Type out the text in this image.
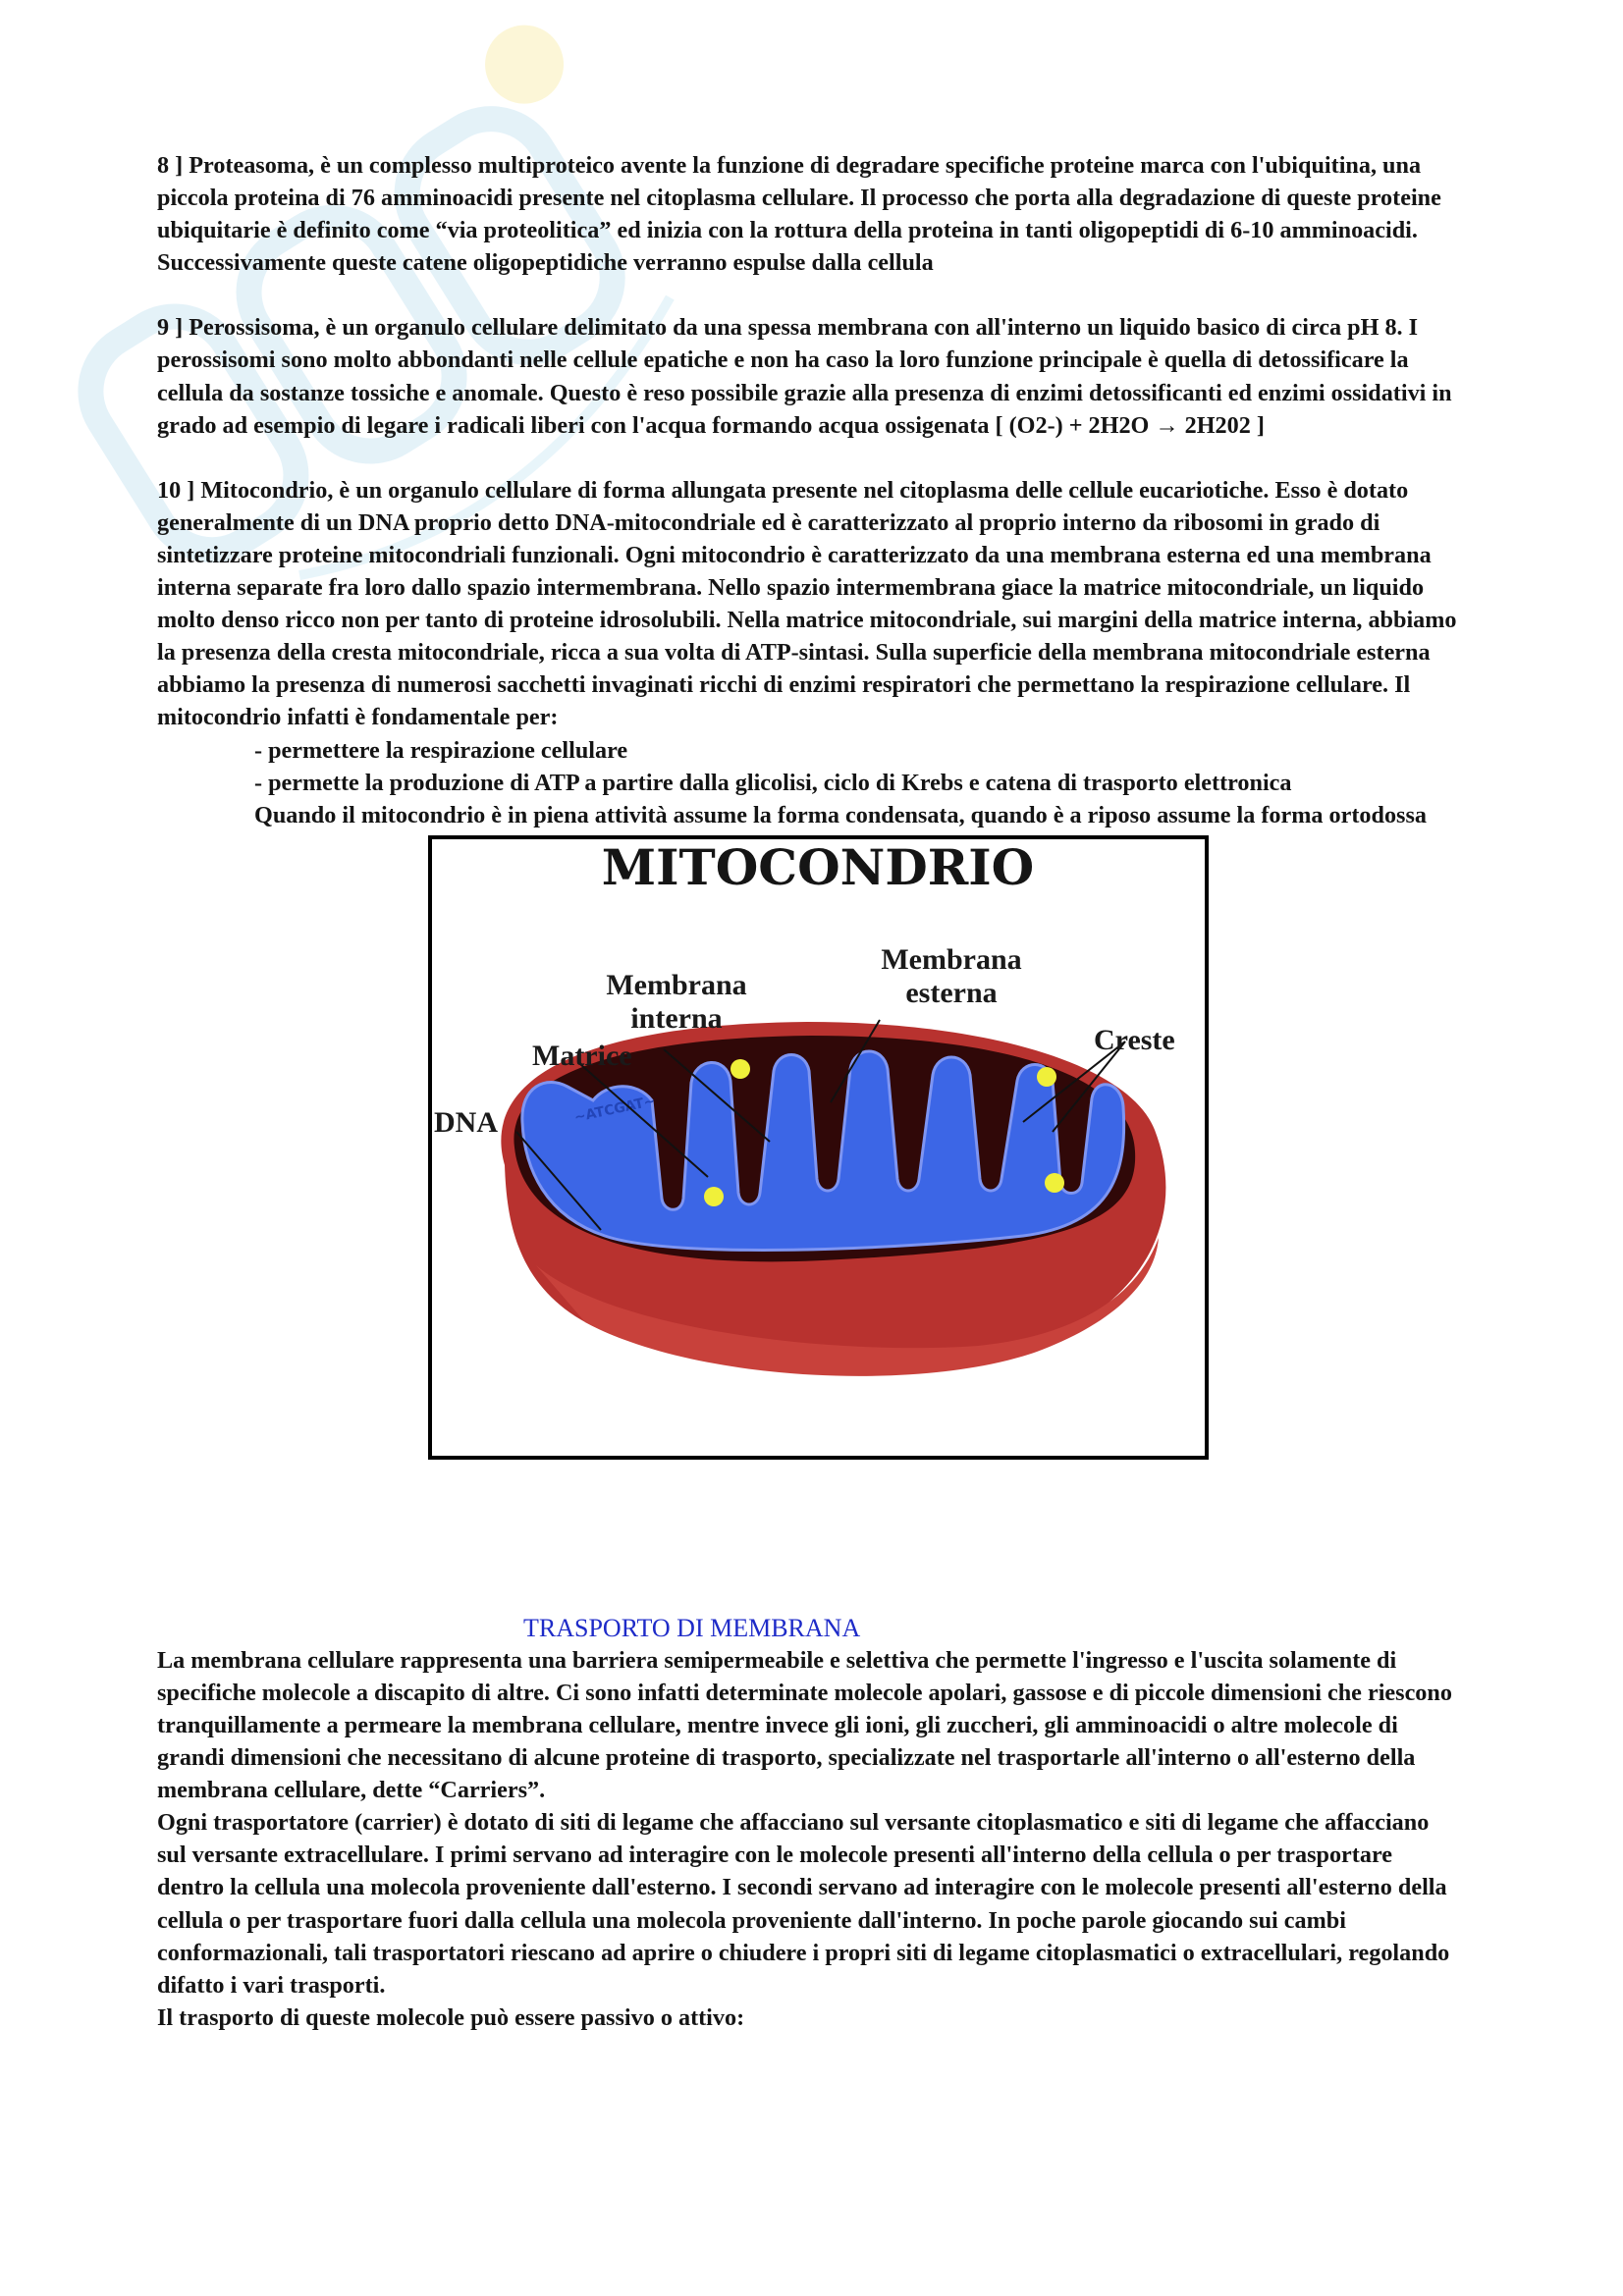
8 ] Proteasoma, è un complesso multiproteico avente la funzione di degradare specifiche proteine marca con l'ubiquitina, una piccola proteina di 76 amminoacidi presente nel citoplasma cellulare. Il processo che porta alla degradazione di queste proteine ubiquitarie è definito come “via proteolitica” ed inizia con la rottura della proteina in tanti oligopeptidi di 6-10 amminoacidi. Successivamente queste catene oligopeptidiche verranno espulse dalla cellula

9 ] Perossisoma, è un organulo cellulare delimitato da una spessa membrana con all'interno un liquido basico di circa pH 8. I perossisomi sono molto abbondanti nelle cellule epatiche e non ha caso la loro funzione principale è quella di detossificare la cellula da sostanze tossiche e anomale. Questo è reso possibile grazie alla presenza di enzimi detossificanti ed enzimi ossidativi in grado ad esempio di legare i radicali liberi con l'acqua formando acqua ossigenata [ (O2-) + 2H2O → 2H202 ]

10 ] Mitocondrio, è un organulo cellulare di forma allungata presente nel citoplasma delle cellule eucariotiche. Esso è dotato generalmente di un DNA proprio detto DNA-mitocondriale ed è caratterizzato al proprio interno da ribosomi in grado di sintetizzare proteine mitocondriali funzionali. Ogni mitocondrio è caratterizzato da una membrana esterna ed una membrana interna separate fra loro dallo spazio intermembrana. Nello spazio intermembrana giace la matrice mitocondriale, un liquido molto denso ricco non per tanto di proteine idrosolubili. Nella matrice mitocondriale, sui margini della matrice interna, abbiamo la presenza della cresta mitocondriale, ricca a sua volta di ATP-sintasi. Sulla superficie della membrana mitocondriale esterna abbiamo la presenza di numerosi sacchetti invaginati ricchi di enzimi respiratori che permettano la respirazione cellulare. Il mitocondrio infatti è fondamentale per:

- permettere la respirazione cellulare
- permette la produzione di ATP a partire dalla glicolisi, ciclo di Krebs e catena di trasporto elettronica
Quando il mitocondrio è in piena attività assume la forma condensata, quando è a riposo assume la forma ortodossa
MITOCONDRIO
~ATCGAT~
Membrana
interna
Membrana
esterna
Creste
Matrice
DNA
TRASPORTO DI MEMBRANA

La membrana cellulare rappresenta una barriera semipermeabile e selettiva che permette l'ingresso e l'uscita solamente di specifiche molecole a discapito di altre. Ci sono infatti determinate molecole apolari, gassose e di piccole dimensioni che riescono tranquillamente a permeare la membrana cellulare, mentre invece gli ioni, gli zuccheri, gli amminoacidi o altre molecole di grandi dimensioni che necessitano di alcune proteine di trasporto, specializzate nel trasportarle all'interno o all'esterno della membrana cellulare, dette “Carriers”.

Ogni trasportatore (carrier) è dotato di siti di legame che affacciano sul versante citoplasmatico e siti di legame che affacciano sul versante extracellulare. I primi servano ad interagire con le molecole presenti all'interno della cellula o per trasportare dentro la cellula una molecola proveniente dall'esterno. I secondi servano ad interagire con le molecole presenti all'esterno della cellula o per trasportare fuori dalla cellula una molecola proveniente dall'interno. In poche parole giocando sui cambi conformazionali, tali trasportatori riescano ad aprire o chiudere i propri siti di legame citoplasmatici o extracellulari, regolando difatto i vari trasporti.

Il trasporto di queste molecole può essere passivo o attivo:
